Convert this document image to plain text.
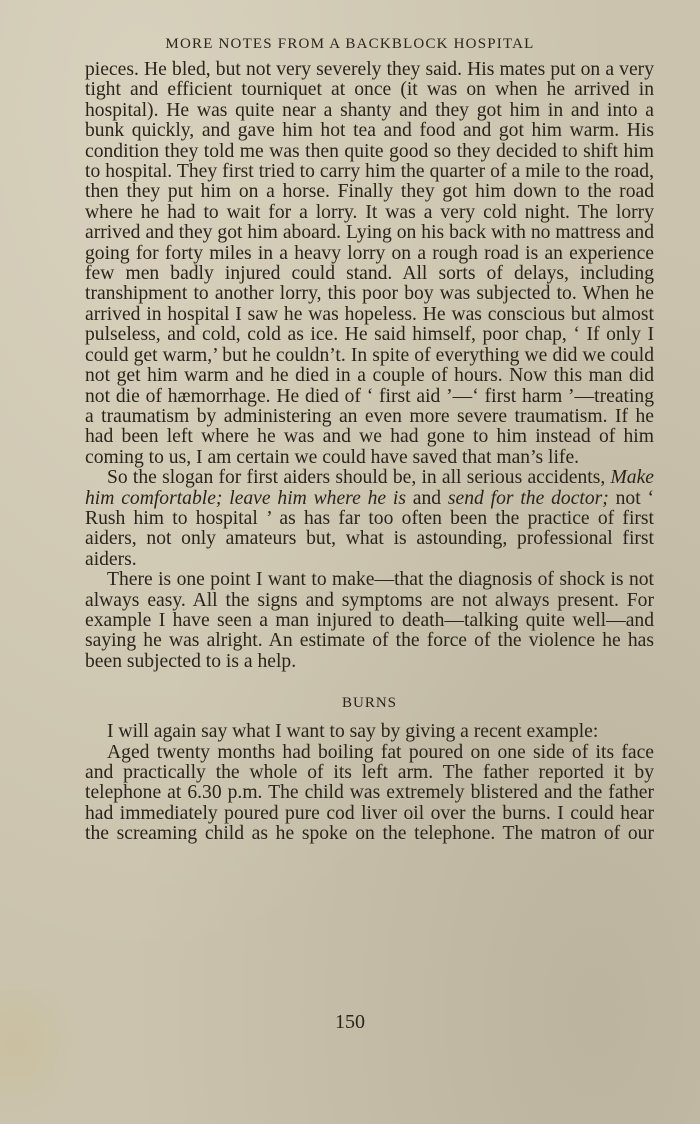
MORE NOTES FROM A BACKBLOCK HOSPITAL

pieces. He bled, but not very severely they said. His mates put on a very tight and efficient tourniquet at once (it was on when he arrived in hospital). He was quite near a shanty and they got him in and into a bunk quickly, and gave him hot tea and food and got him warm. His condition they told me was then quite good so they decided to shift him to hospital. They first tried to carry him the quarter of a mile to the road, then they put him on a horse. Finally they got him down to the road where he had to wait for a lorry. It was a very cold night. The lorry arrived and they got him aboard. Lying on his back with no mattress and going for forty miles in a heavy lorry on a rough road is an experience few men badly injured could stand. All sorts of delays, including transhipment to another lorry, this poor boy was subjected to. When he arrived in hospital I saw he was hopeless. He was conscious but almost pulseless, and cold, cold as ice. He said himself, poor chap, ‘ If only I could get warm,’ but he couldn’t. In spite of everything we did we could not get him warm and he died in a couple of hours. Now this man did not die of hæmorrhage. He died of ‘ first aid ’—‘ first harm ’—treating a traumatism by administering an even more severe traumatism. If he had been left where he was and we had gone to him instead of him coming to us, I am certain we could have saved that man’s life.

So the slogan for first aiders should be, in all serious accidents, Make him comfortable; leave him where he is and send for the doctor; not ‘ Rush him to hospital ’ as has far too often been the practice of first aiders, not only amateurs but, what is astounding, professional first aiders.

There is one point I want to make—that the diagnosis of shock is not always easy. All the signs and symptoms are not always present. For example I have seen a man injured to death—talking quite well—and saying he was alright. An estimate of the force of the violence he has been subjected to is a help.

BURNS

I will again say what I want to say by giving a recent example:

Aged twenty months had boiling fat poured on one side of its face and practically the whole of its left arm. The father reported it by telephone at 6.30 p.m. The child was extremely blistered and the father had immediately poured pure cod liver oil over the burns. I could hear the screaming child as he spoke on the telephone. The matron of our

150
